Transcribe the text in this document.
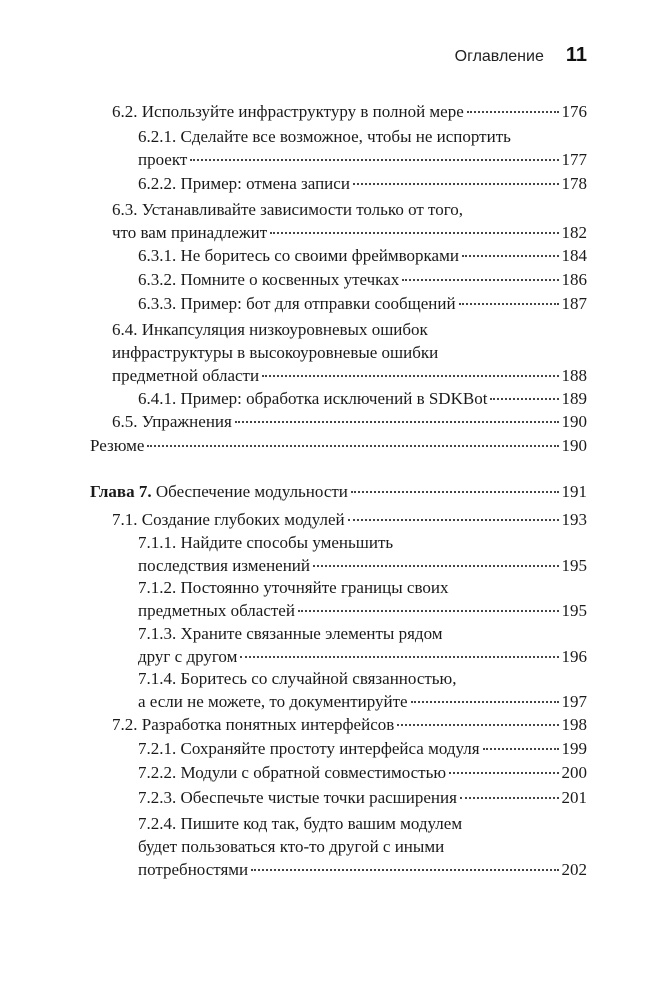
Оглавление 11
6.2. Используйте инфраструктуру в полной мере	176
6.2.1. Сделайте все возможное, чтобы не испортить
проект	177
6.2.2. Пример: отмена записи	178
6.3. Устанавливайте зависимости только от того,
что вам принадлежит	182
6.3.1. Не боритесь со своими фреймворками	184
6.3.2. Помните о косвенных утечках	186
6.3.3. Пример: бот для отправки сообщений	187
6.4. Инкапсуляция низкоуровневых ошибок
инфраструктуры в высокоуровневые ошибки
предметной области	188
6.4.1. Пример: обработка исключений в SDKBot	189
6.5. Упражнения	190
Резюме	190
Глава 7. Обеспечение модульности	191
7.1. Создание глубоких модулей	193
7.1.1. Найдите способы уменьшить
последствия изменений	195
7.1.2. Постоянно уточняйте границы своих
предметных областей	195
7.1.3. Храните связанные элементы рядом
друг с другом	196
7.1.4. Боритесь со случайной связанностью,
а если не можете, то документируйте	197
7.2. Разработка понятных интерфейсов	198
7.2.1. Сохраняйте простоту интерфейса модуля	199
7.2.2. Модули с обратной совместимостью	200
7.2.3. Обеспечьте чистые точки расширения	201
7.2.4. Пишите код так, будто вашим модулем
будет пользоваться кто-то другой с иными
потребностями	202
